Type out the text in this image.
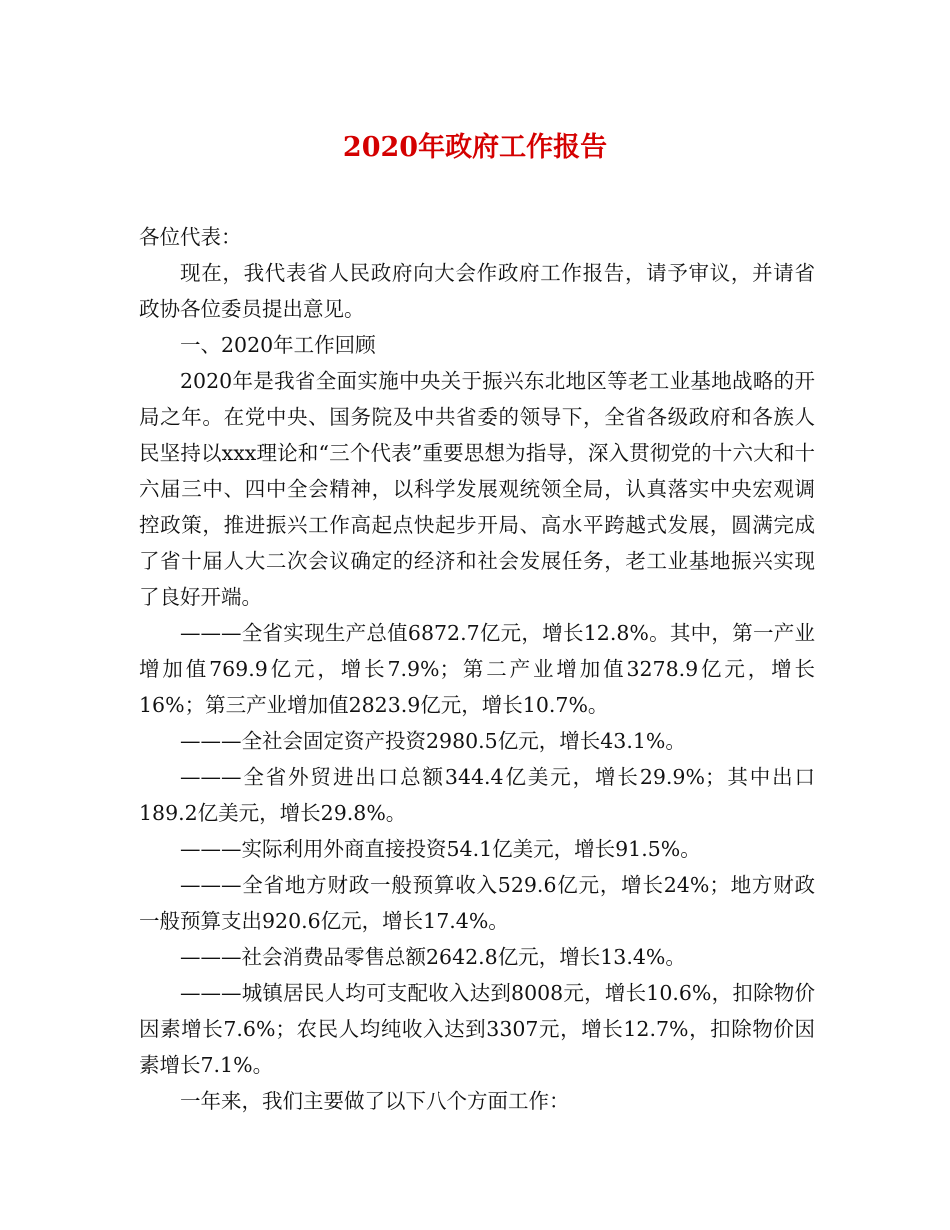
2020年政府工作报告

各位代表：

现在，我代表省人民政府向大会作政府工作报告，请予审议，并请省政协各位委员提出意见。

一、2020年工作回顾

2020年是我省全面实施中央关于振兴东北地区等老工业基地战略的开局之年。在党中央、国务院及中共省委的领导下，全省各级政府和各族人民坚持以xxx理论和“三个代表”重要思想为指导，深入贯彻党的十六大和十六届三中、四中全会精神，以科学发展观统领全局，认真落实中央宏观调控政策，推进振兴工作高起点快起步开局、高水平跨越式发展，圆满完成了省十届人大二次会议确定的经济和社会发展任务，老工业基地振兴实现了良好开端。

———全省实现生产总值6872.7亿元，增长12.8%。其中，第一产业增加值769.9亿元，增长7.9%；第二产业增加值3278.9亿元，增长16%；第三产业增加值2823.9亿元，增长10.7%。

———全社会固定资产投资2980.5亿元，增长43.1%。

———全省外贸进出口总额344.4亿美元，增长29.9%；其中出口189.2亿美元，增长29.8%。

———实际利用外商直接投资54.1亿美元，增长91.5%。

———全省地方财政一般预算收入529.6亿元，增长24%；地方财政一般预算支出920.6亿元，增长17.4%。

———社会消费品零售总额2642.8亿元，增长13.4%。

———城镇居民人均可支配收入达到8008元，增长10.6%，扣除物价因素增长7.6%；农民人均纯收入达到3307元，增长12.7%，扣除物价因素增长7.1%。

一年来，我们主要做了以下八个方面工作：
